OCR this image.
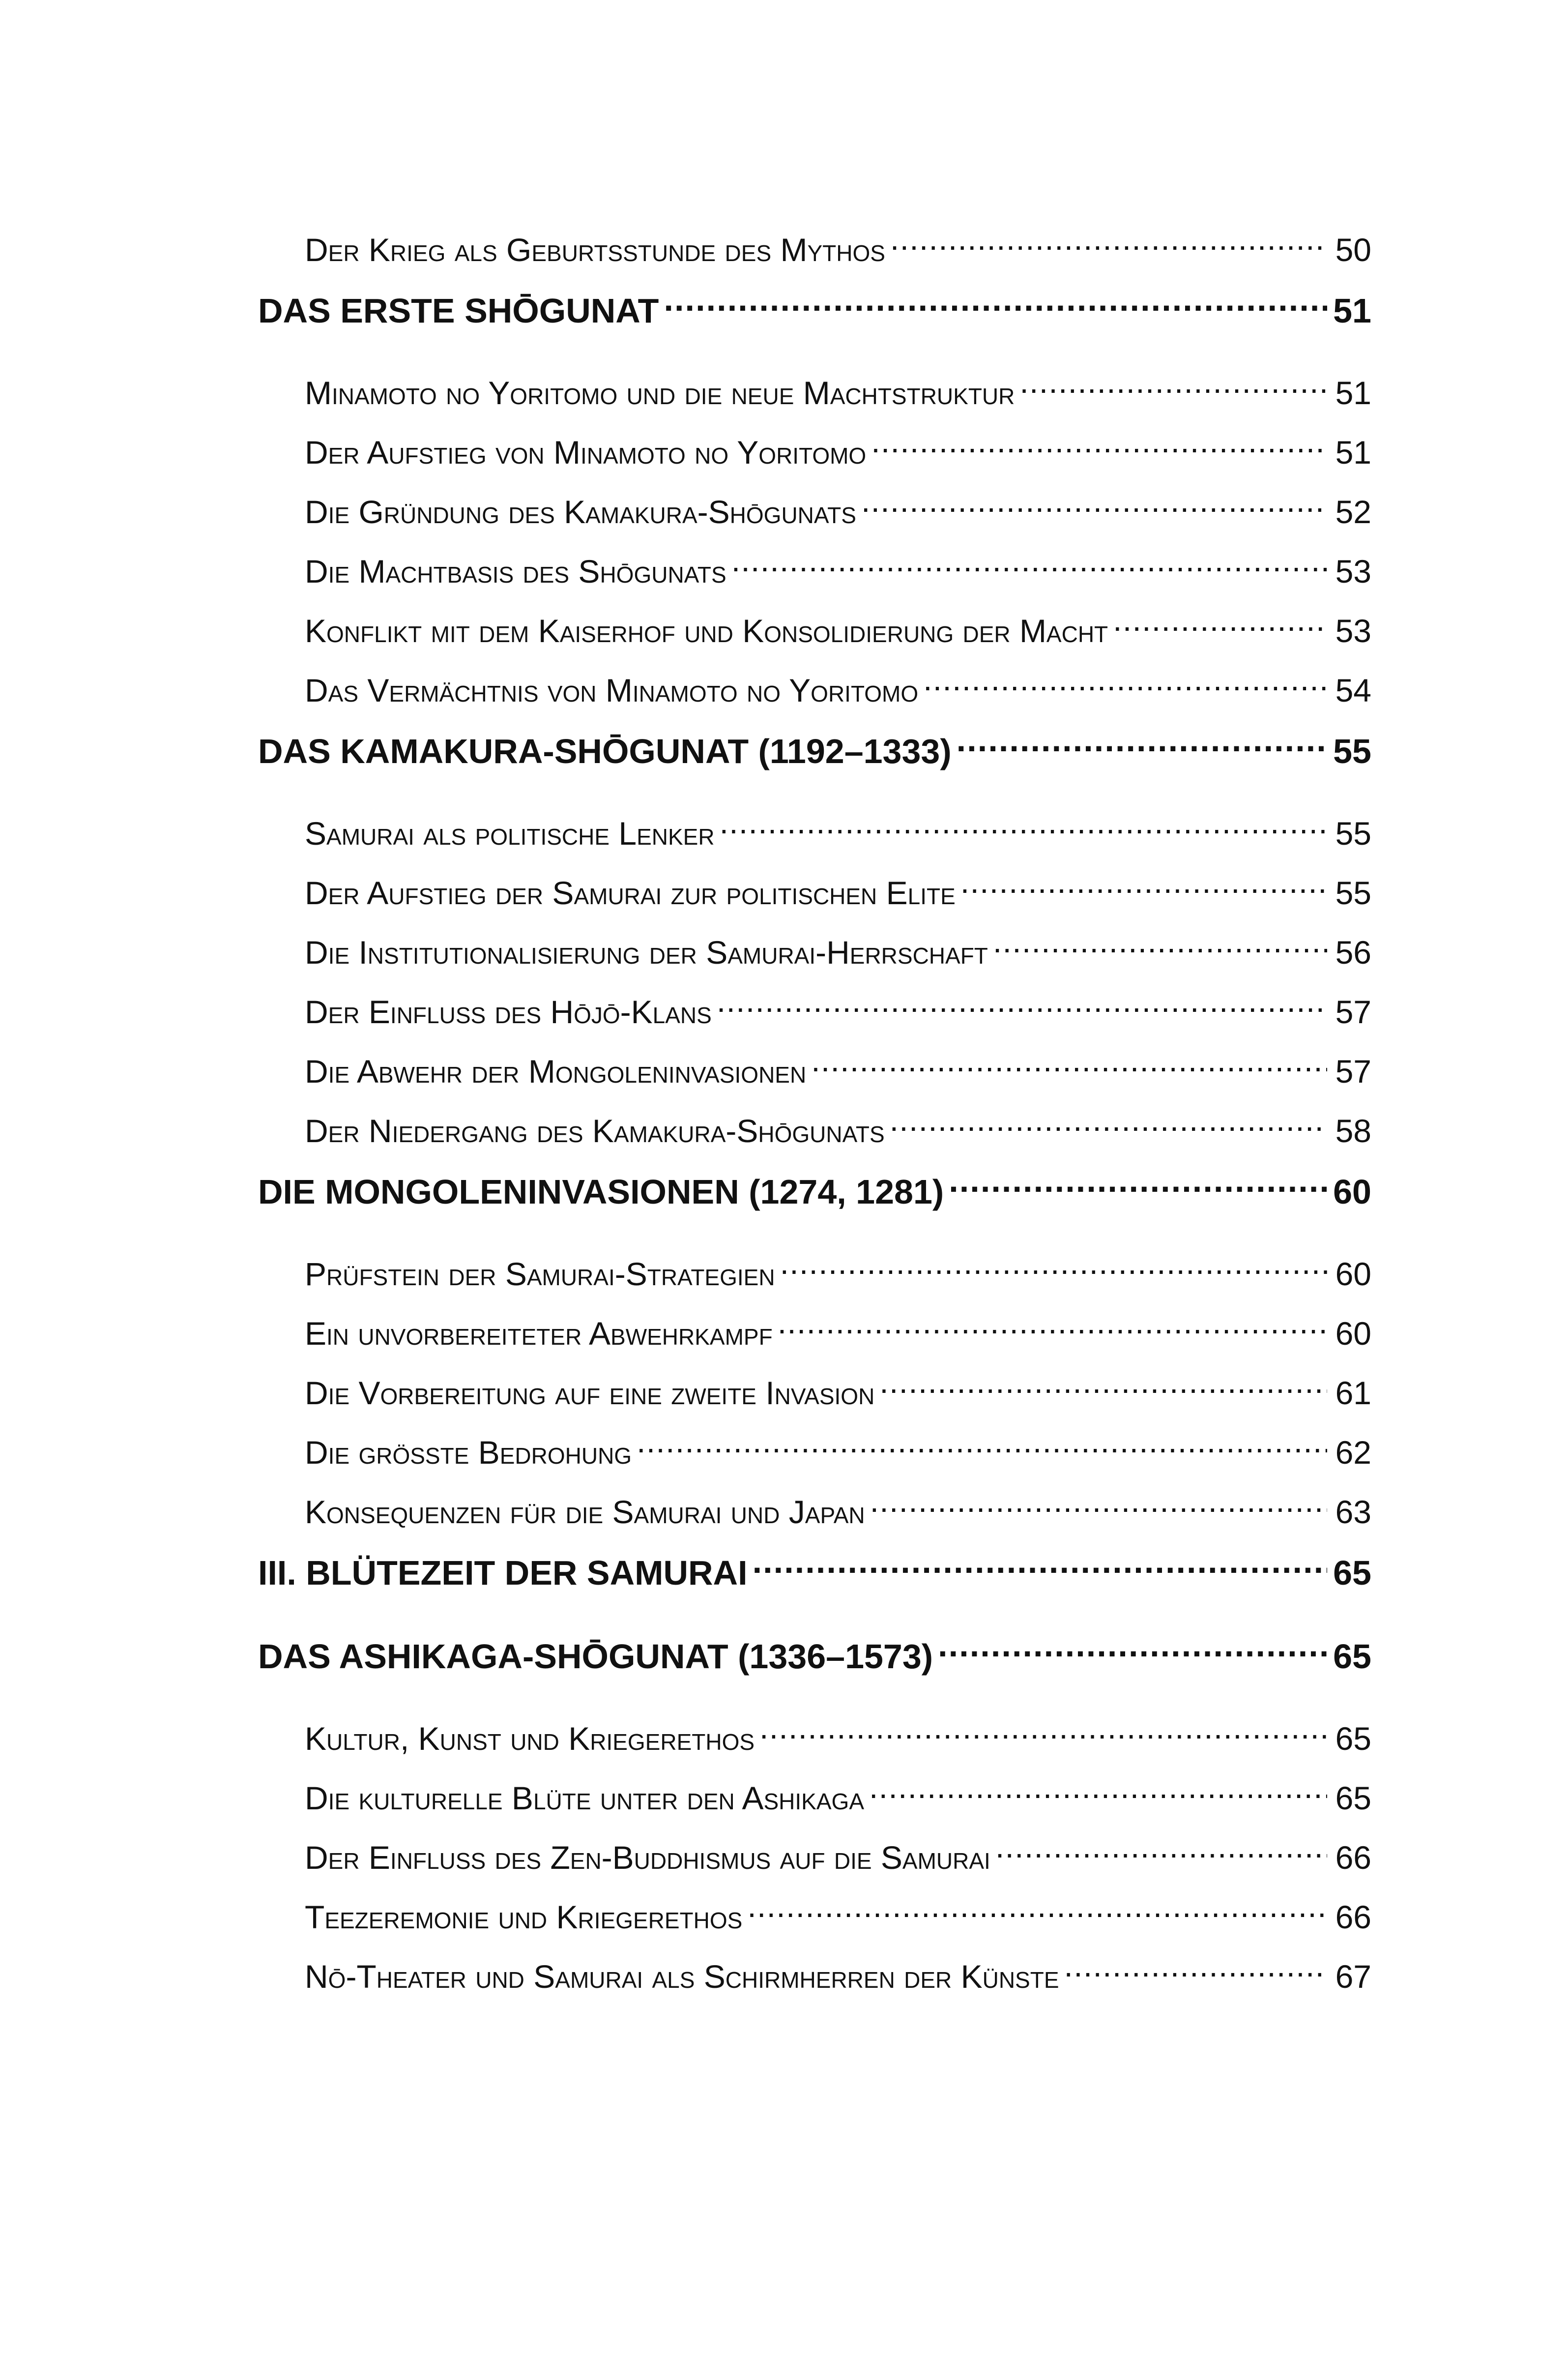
Der Krieg als Geburtsstunde des Mythos .....	50
DAS ERSTE SHŌGUNAT .....	51
Minamoto no Yoritomo und die neue Machtstruktur .....	51
Der Aufstieg von Minamoto no Yoritomo .....	51
Die Gründung des Kamakura-Shōgunats .....	52
Die Machtbasis des Shōgunats .....	53
Konflikt mit dem Kaiserhof und Konsolidierung der Macht .....	53
Das Vermächtnis von Minamoto no Yoritomo .....	54
DAS KAMAKURA-SHŌGUNAT (1192–1333) .....	55
Samurai als politische Lenker .....	55
Der Aufstieg der Samurai zur politischen Elite .....	55
Die Institutionalisierung der Samurai-Herrschaft .....	56
Der Einfluss des Hōjō-Klans .....	57
Die Abwehr der Mongoleninvasionen .....	57
Der Niedergang des Kamakura-Shōgunats .....	58
DIE MONGOLENINVASIONEN (1274, 1281) .....	60
Prüfstein der Samurai-Strategien .....	60
Ein unvorbereiteter Abwehrkampf .....	60
Die Vorbereitung auf eine zweite Invasion .....	61
Die größte Bedrohung .....	62
Konsequenzen für die Samurai und Japan .....	63
III. BLÜTEZEIT DER SAMURAI .....	65
DAS ASHIKAGA-SHŌGUNAT (1336–1573) .....	65
Kultur, Kunst und Kriegerethos .....	65
Die kulturelle Blüte unter den Ashikaga .....	65
Der Einfluss des Zen-Buddhismus auf die Samurai .....	66
Teezeremonie und Kriegerethos .....	66
Nō-Theater und Samurai als Schirmherren der Künste .....	67
